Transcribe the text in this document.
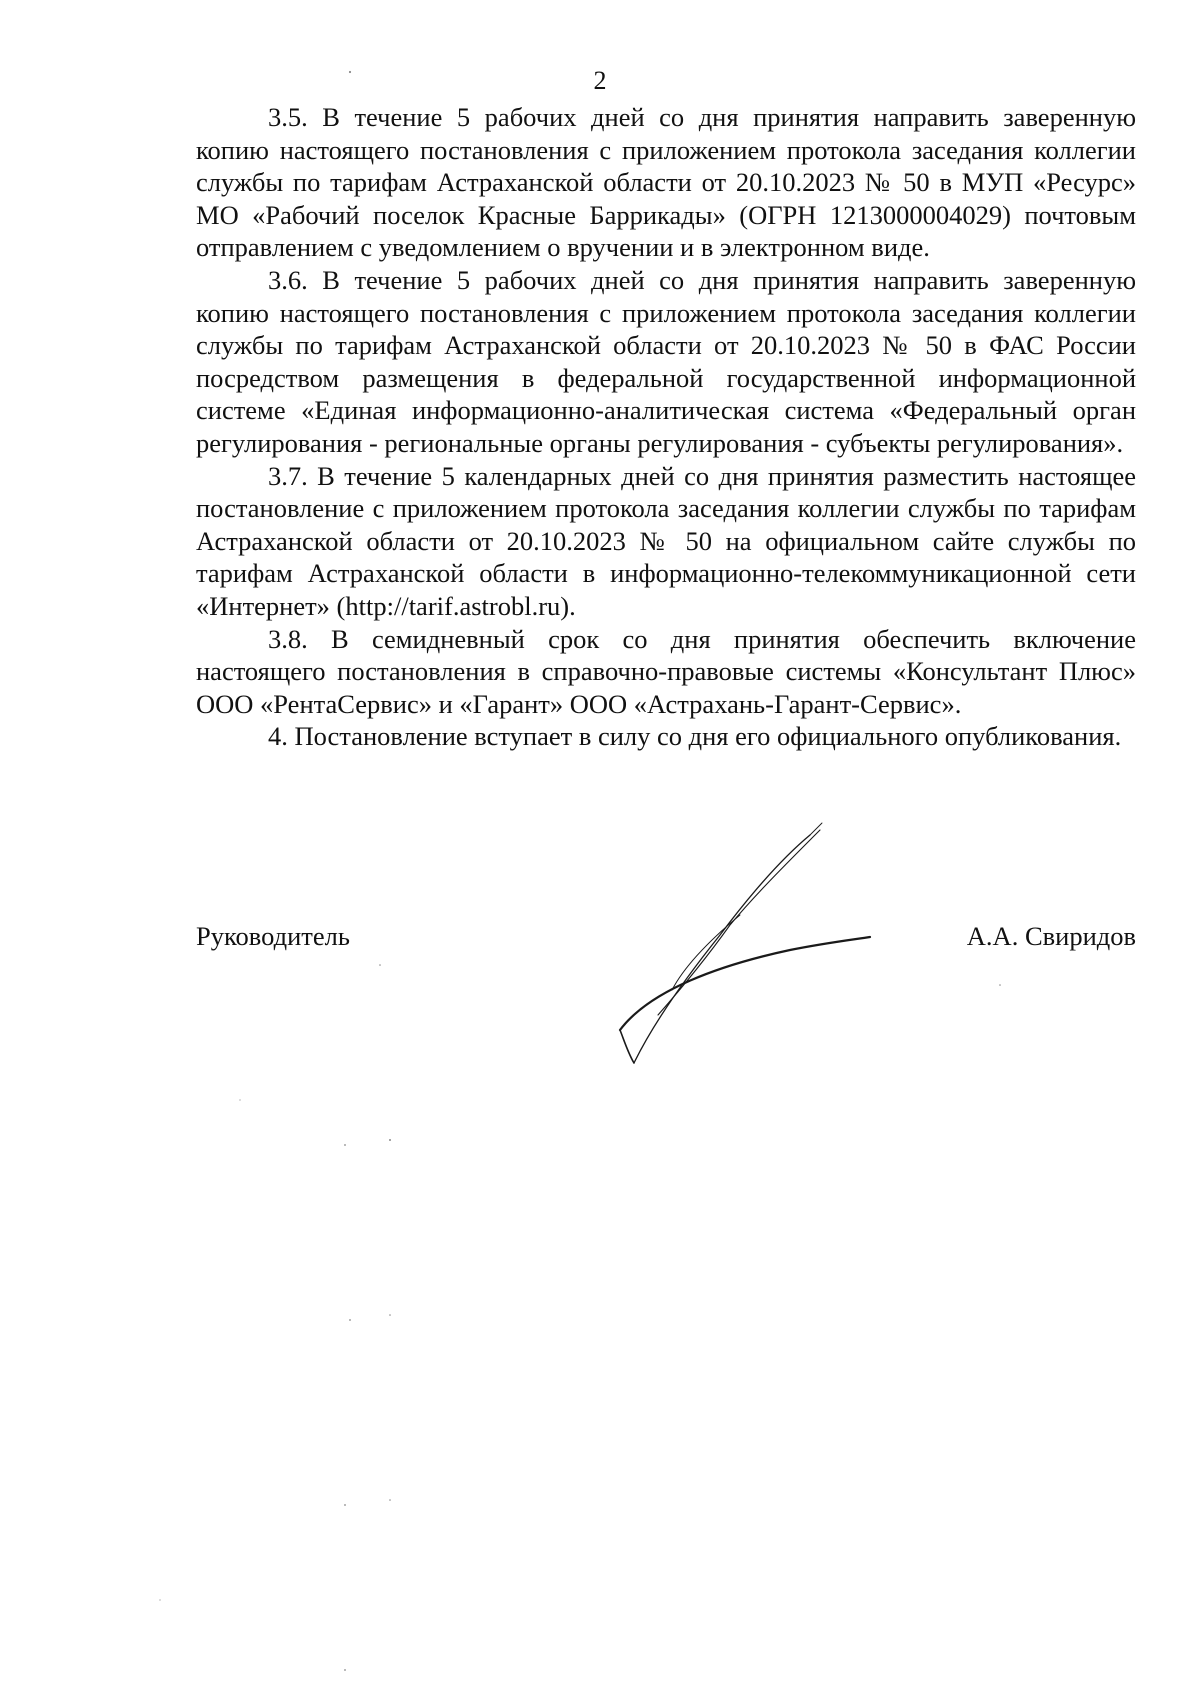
2

3.5. В течение 5 рабочих дней со дня принятия направить заверенную копию настоящего постановления с приложением протокола заседания коллегии службы по тарифам Астраханской области от 20.10.2023 № 50 в МУП «Ресурс» МО «Рабочий поселок Красные Баррикады» (ОГРН 1213000004029) почтовым отправлением с уведомлением о вручении и в электронном виде.

3.6. В течение 5 рабочих дней со дня принятия направить заверенную копию настоящего постановления с приложением протокола заседания коллегии службы по тарифам Астраханской области от 20.10.2023 № 50 в ФАС России посредством размещения в федеральной государственной информационной системе «Единая информационно-аналитическая система «Федеральный орган регулирования - региональные органы регулирования - субъекты регулирования».

3.7. В течение 5 календарных дней со дня принятия разместить настоящее постановление с приложением протокола заседания коллегии службы по тарифам Астраханской области от 20.10.2023 № 50 на официальном сайте службы по тарифам Астраханской области в информационно-телекоммуникационной сети «Интернет» (http://tarif.astrobl.ru).

3.8. В семидневный срок со дня принятия обеспечить включение настоящего постановления в справочно-правовые системы «Консультант Плюс» ООО «РентаСервис» и «Гарант» ООО «Астрахань-Гарант-Сервис».

4. Постановление вступает в силу со дня его официального опубликования.

Руководитель	А.А. Свиридов
